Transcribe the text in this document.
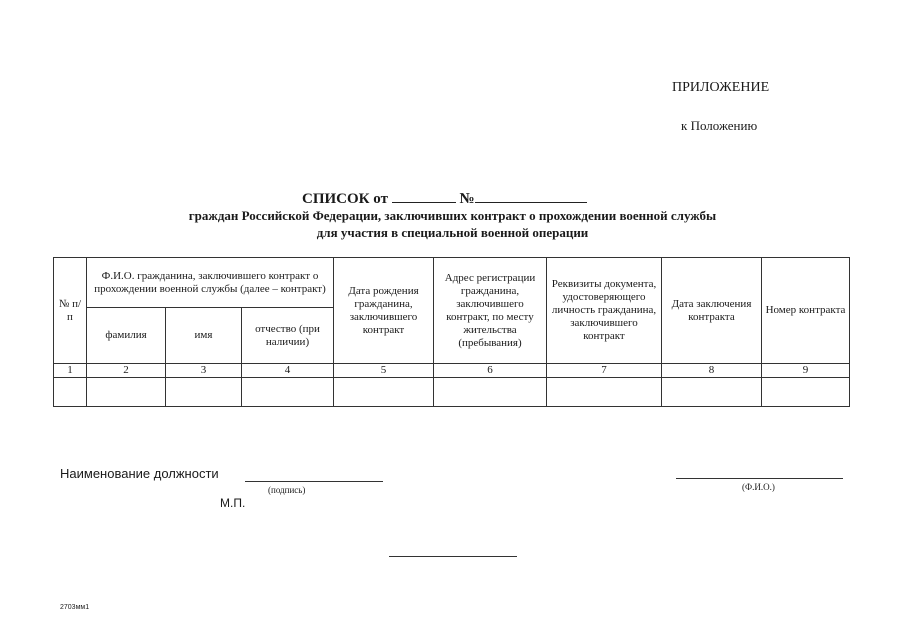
ПРИЛОЖЕНИЕ
к Положению
СПИСОК от	№
граждан Российской Федерации, заключивших контракт о прохождении военной службы
для участия в специальной военной операции
№ п/п	Ф.И.О. гражданина, заключившего контракт о прохождении военной службы (далее – контракт)			Дата рождения гражданина, заключившего контракт	Адрес регистрации гражданина, заключившего контракт, по месту жительства (пребывания)	Реквизиты документа, удостоверяющего личность гражданина, заключившего контракт	Дата заключения контракта	Номер контракта
	фамилия	имя	отчество (при наличии)					
1	2	3	4	5	6	7	8	9

Наименование должности
(подпись)	(Ф.И.О.)
М.П.
2703мм1
